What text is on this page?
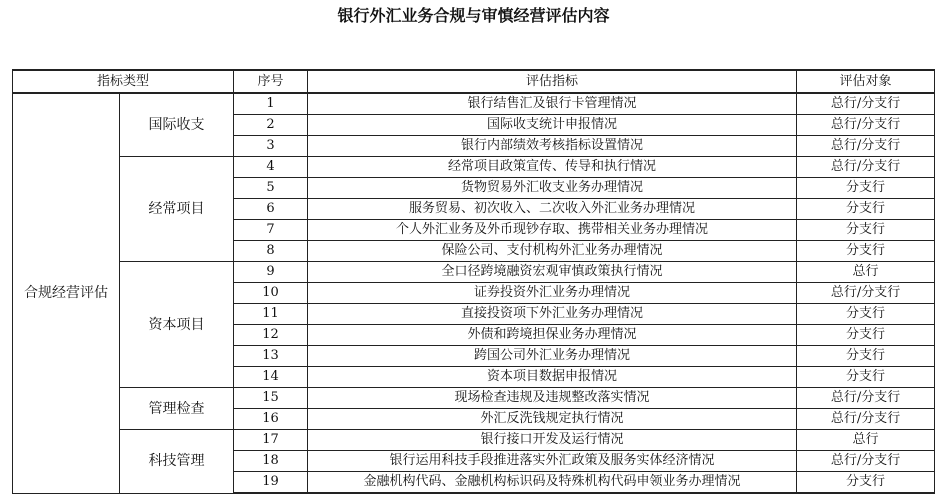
银行外汇业务合规与审慎经营评估内容
指标类型		序号	评估指标	评估对象
合规经营评估	国际收支	1	银行结售汇及银行卡管理情况	总行/分支行
		2	国际收支统计申报情况	总行/分支行
		3	银行内部绩效考核指标设置情况	总行/分支行
	经常项目	4	经常项目政策宣传、传导和执行情况	总行/分支行
		5	货物贸易外汇收支业务办理情况	分支行
		6	服务贸易、初次收入、二次收入外汇业务办理情况	分支行
		7	个人外汇业务及外币现钞存取、携带相关业务办理情况	分支行
		8	保险公司、支付机构外汇业务办理情况	分支行
	资本项目	9	全口径跨境融资宏观审慎政策执行情况	总行
		10	证券投资外汇业务办理情况	总行/分支行
		11	直接投资项下外汇业务办理情况	分支行
		12	外债和跨境担保业务办理情况	分支行
		13	跨国公司外汇业务办理情况	分支行
		14	资本项目数据申报情况	分支行
	管理检查	15	现场检查违规及违规整改落实情况	总行/分支行
		16	外汇反洗钱规定执行情况	总行/分支行
	科技管理	17	银行接口开发及运行情况	总行
		18	银行运用科技手段推进落实外汇政策及服务实体经济情况	总行/分支行
		19	金融机构代码、金融机构标识码及特殊机构代码申领业务办理情况	分支行
